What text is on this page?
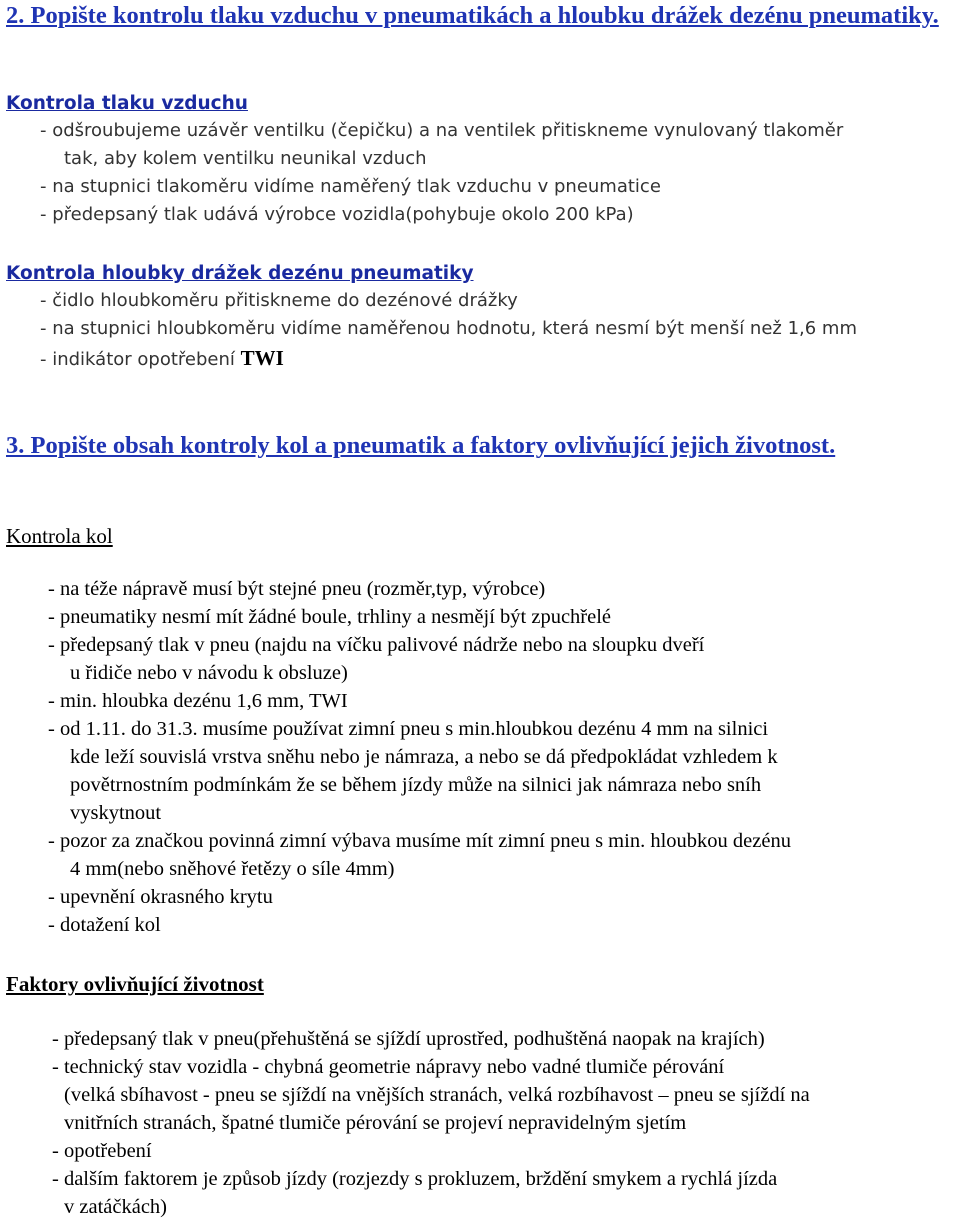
2. Popište kontrolu tlaku vzduchu v pneumatikách a hloubku drážek dezénu pneumatiky.
Kontrola tlaku vzduchu
- odšroubujeme uzávěr ventilku (čepičku) a na ventilek přitiskneme vynulovaný tlakoměr
tak, aby kolem ventilku neunikal vzduch
- na stupnici tlakoměru vidíme naměřený tlak vzduchu v pneumatice
- předepsaný tlak udává výrobce vozidla(pohybuje okolo 200 kPa)
Kontrola hloubky drážek dezénu pneumatiky
- čidlo hloubkoměru přitiskneme do dezénové drážky
- na stupnici hloubkoměru vidíme naměřenou hodnotu, která nesmí být menší než 1,6 mm
- indikátor opotřebení TWI
3. Popište obsah kontroly kol a pneumatik a faktory ovlivňující jejich životnost.
Kontrola kol
- na téže nápravě musí být stejné pneu (rozměr,typ, výrobce)
- pneumatiky nesmí mít žádné boule, trhliny a nesmějí být zpuchřelé
- předepsaný tlak v pneu (najdu na víčku palivové nádrže nebo na sloupku dveří
u řidiče nebo v návodu k obsluze)
- min. hloubka dezénu 1,6 mm, TWI
- od 1.11. do 31.3. musíme používat zimní pneu s min.hloubkou dezénu 4 mm na silnici
kde leží souvislá vrstva sněhu nebo je námraza, a nebo se dá předpokládat vzhledem k
povětrnostním podmínkám že se během jízdy může na silnici jak námraza nebo sníh
vyskytnout
- pozor za značkou povinná zimní výbava musíme mít zimní pneu s min. hloubkou dezénu
4 mm(nebo sněhové řetězy o síle 4mm)
- upevnění okrasného krytu
- dotažení kol
Faktory ovlivňující životnost
- předepsaný tlak v pneu(přehuštěná se sjíždí uprostřed, podhuštěná naopak na krajích)
- technický stav vozidla - chybná geometrie nápravy nebo vadné tlumiče pérování
(velká sbíhavost - pneu se sjíždí na vnějších stranách, velká rozbíhavost – pneu se sjíždí na
vnitřních stranách, špatné tlumiče pérování se projeví nepravidelným sjetím
- opotřebení
- dalším faktorem je způsob jízdy (rozjezdy s prokluzem, brždění smykem a rychlá jízda
v zatáčkách)
